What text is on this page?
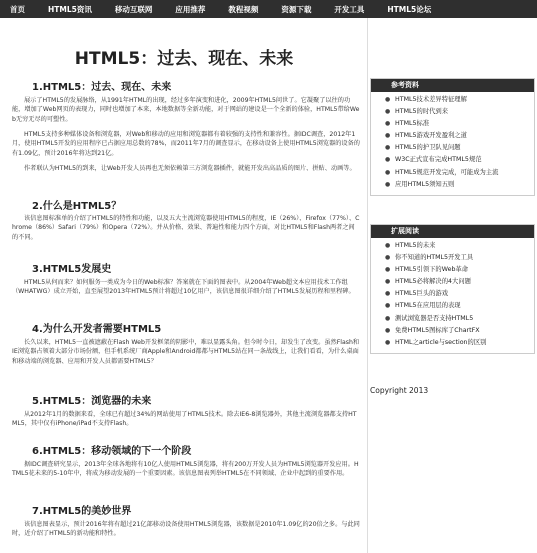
首页	HTML5资讯	移动互联网	应用推荐	教程视频	资源下载	开发工具	HTML5论坛
HTML5：过去、现在、未来
1.HTML5：过去、现在、未来

展示了HTML5的发展脉络，从1991年HTML的出现，经过多年演变和进化，2009年HTML5问世了。它凝聚了以往的功能，增加了Web网页的表现力，同时也增加了本来，本地数据等全新功能，对于网站的建设是一个全新的体验，HTML5带给Web无穷无尽的可塑性。

HTML5支持多种媒体设备和浏览器，对Web和移动的应用和浏览器都有着较强的支持性和兼容性。据IDC调查，2012年1月，使用HTML5开发的应用程序已占据应用总数的78%，而2011年7月的调查显示，在移动设备上使用HTML5浏览器的设备的有1.09亿，预计2016年将达到21亿。

作者联认为HTML5的到来，让Web开发人员再也无须依赖第三方浏览器插件，就能开发出高品质的图片、拼贴、动画等。

2.什么是HTML5？

该信息图标准单的介绍了HTML5的特性和功能，以及五大主流浏览器使用HTML5的程度，IE（26%）、Firefox（77%）、Chrome（86%）Safari（79%）和Opera（72%）。并从价格、效果、普遍性和能力四个方面，对比HTML5和Flash两者之间的不同。

3.HTML5发展史

HTML5从何而来？如何服务一类成为今日的Web标准？答案就在下面的图表中。从2004年Web超文本应用技术工作组（WHATWG）成立开始，直至展望2013年HTML5预计将超过10亿用户，该信息图很详细介绍了HTML5发展历程和里程碑。

4.为什么开发者需要HTML5

长久以来，HTML5一直被遮蔽在Flash Web开发框架的阴影中，难以显露头角。但今时今日，却发生了改变。虽然Flash和IE浏览器占领着大部分市场份额，但手机系统厂商Apple和Android都都与HTML5站在同一条战线上，让我们看看，为什么桌面和移动端的浏览器、应用和开发人员都需要HTML5？

5.HTML5：浏览器的未来

从2012年1月的数据来看，全球已有超过34%的网站使用了HTML5技术。除去IE6-8浏览器外，其他主流浏览器都支持HTML5，其中仅有iPhone/iPad不支持Flash。

6.HTML5：移动领域的下一个阶段

据IDC调查研究显示，2013年全球各地将有10亿人使用HTML5浏览器，将有200万开发人员为HTML5浏览器开发应用。HTML5花未来的5-10年中，将成为移动发展的一个重要因素。该信息图表列举HTML5在不同领域、企业中起到的重要作用。

7.HTML5的美妙世界

该信息图表显示，预计2016年将有超过21亿部移动设备使用HTML5浏览器，该数据是2010年1.09亿的20倍之多。与此同时，近介绍了HTML5的新功能和特性。

参考资料
● HTML5技术差异特征理解
● HTML5的时代到来
● HTML5标准
● HTML5游戏开发盈利之道
● HTML5的护卫队见问题
● W3C正式宣布完成HTML5规范
● HTML5规范开发完成，可能成为主流
● 应用HTML5须知五则
扩展阅读
● HTML5的未来
● 你不知道的HTML5开发工具
● HTML5引领下的Web革命
● HTML5必将解决的4大问题
● HTML5巨头的游戏
● HTML5在应用层的表现
● 测试浏览器是否支持HTML5
● 免费HTML5图标库了ChartFX
● HTML之article与section的区别
Copyright 2013
